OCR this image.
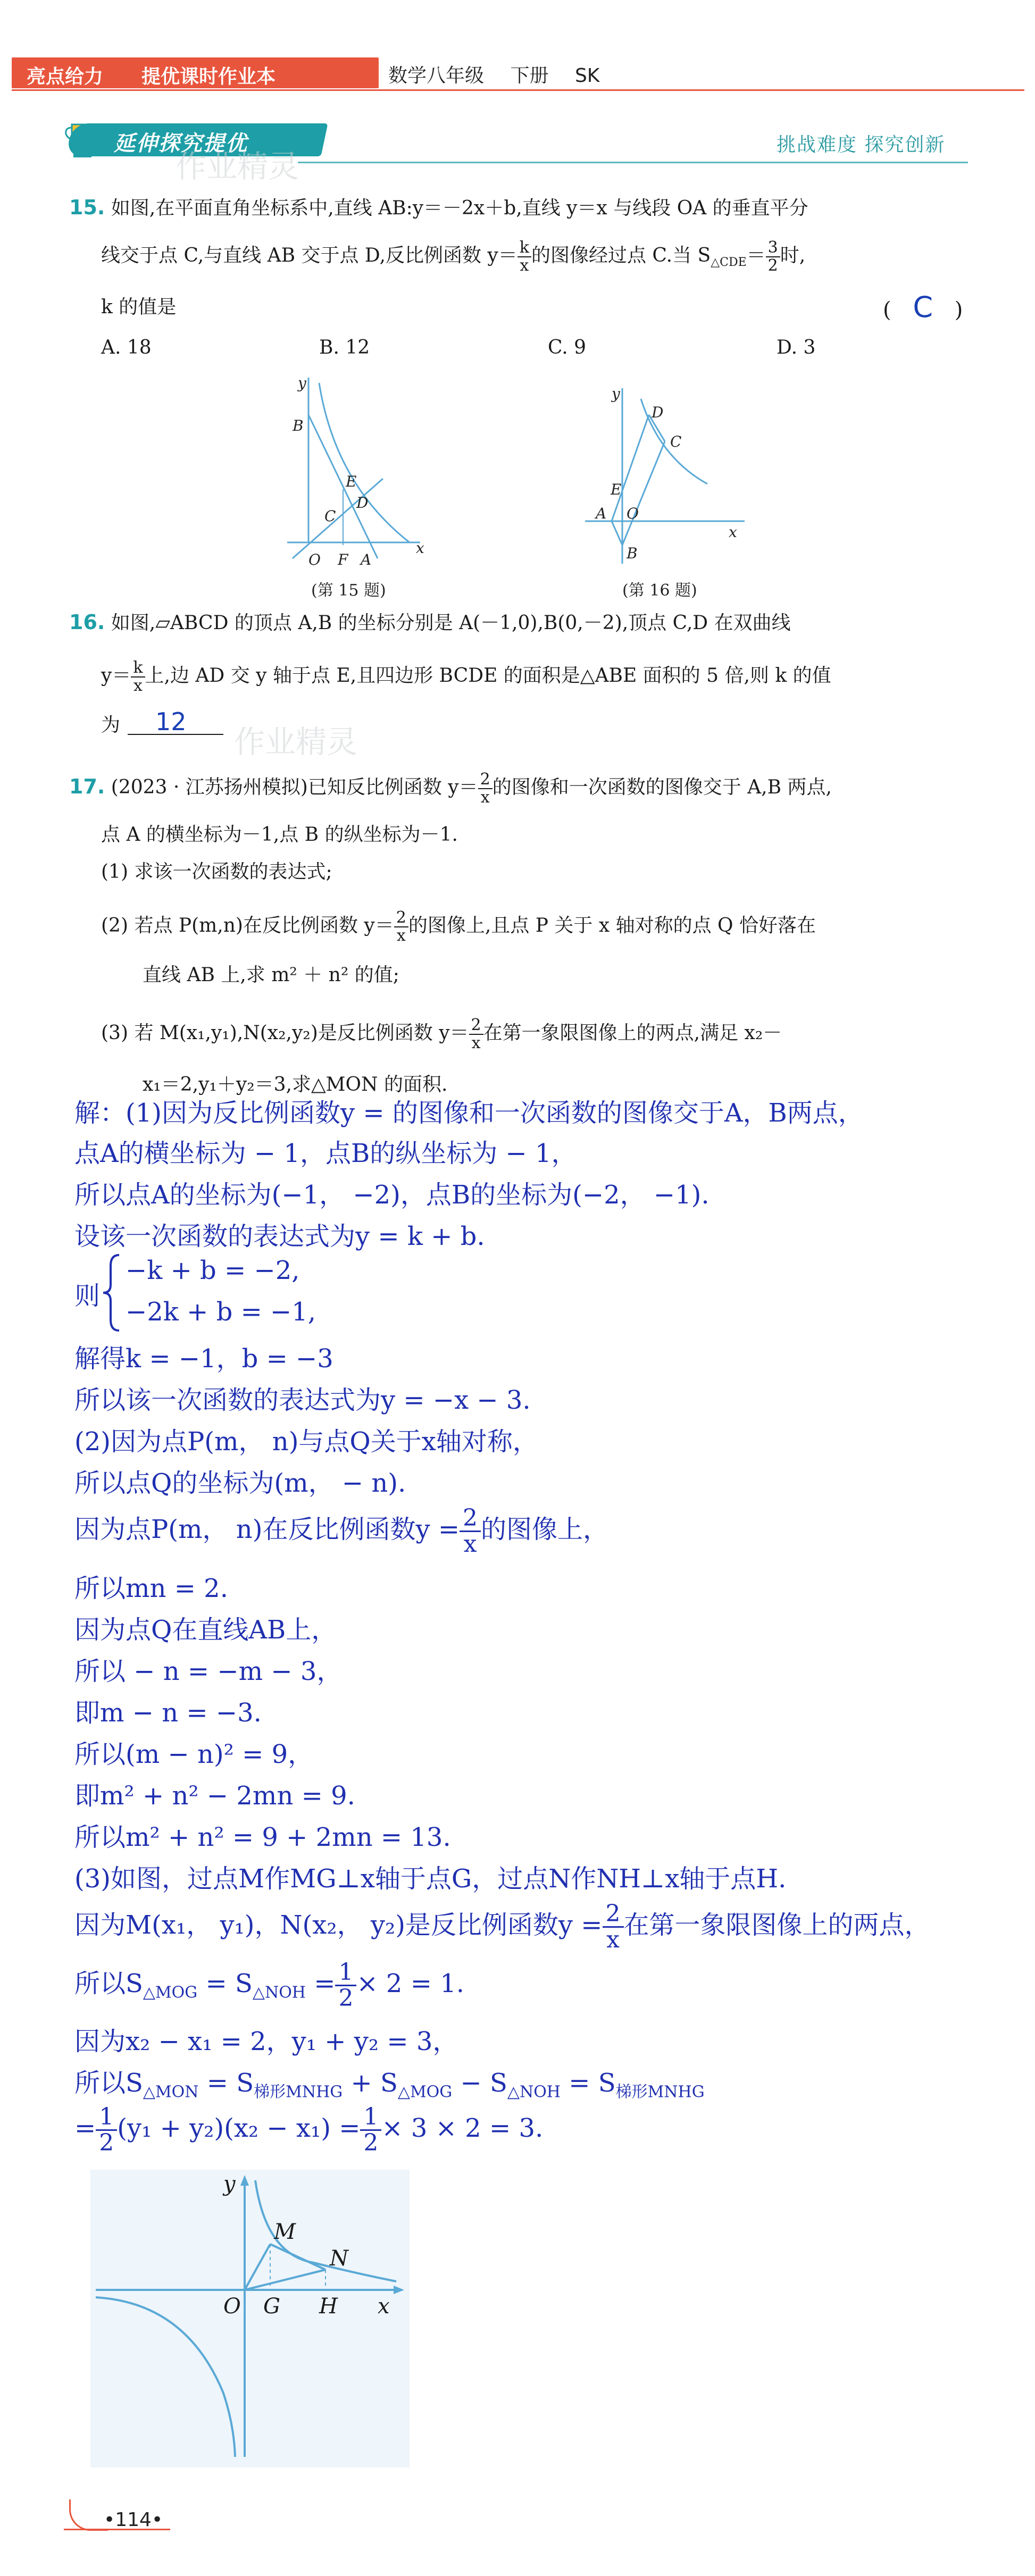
亮点给力 提优课时作业本	数学八年级 下册 SK
延伸探究提优	挑战难度 探究创新
作业精灵
15. 如图,在平面直角坐标系中,直线 AB:y＝－2x＋b,直线 y＝x 与线段 OA 的垂直平分
线交于点 C,与直线 AB 交于点 D,反比例函数 $y= \frac{k}{x}$ 的图像经过点 C.当 $S_{\triangle CDE}= \frac{3}{2}$ 时,
k 的值是	( C )
A. 18	B. 12	C. 9	D. 3
y
B
E
D
C
O F A
x
(第 15 题)
y
D
C
E
A O
B
x
(第 16 题)
16. 如图,▱ABCD 的顶点 A,B 的坐标分别是 A(－1,0),B(0,－2),顶点 C,D 在双曲线
$y= \frac{k}{x}$ 上,边 AD 交 y 轴于点 E,且四边形 BCDE 的面积是△ABE 面积的 5 倍,则 k 的值
为 12
作业精灵
17. (2023 · 江苏扬州模拟)已知反比例函数 $y= \frac{2}{x}$ 的图像和一次函数的图像交于 A,B 两点,
点 A 的横坐标为－1,点 B 的纵坐标为－1.
(1) 求该一次函数的表达式;
(2) 若点 P(m,n)在反比例函数 $y= \frac{2}{x}$ 的图像上,且点 P 关于 x 轴对称的点 Q 恰好落在
直线 AB 上,求 m² ＋ n² 的值;
(3) 若 M(x₁,y₁),N(x₂,y₂)是反比例函数 $y= \frac{2}{x}$ 在第一象限图像上的两点,满足 x₂－
x₁＝2,y₁＋y₂＝3,求△MON 的面积.
解：(1)因为反比例函数y = 的图像和一次函数的图像交于A，B两点，
点A的横坐标为 − 1，点B的纵坐标为 − 1，
所以点A的坐标为(−1， −2)，点B的坐标为(−2， −1).
设该一次函数的表达式为y = k + b.
则
−k + b = −2,
−2k + b = −1,
解得k = −1，b = −3
所以该一次函数的表达式为y = −x − 3.
(2)因为点P(m， n)与点Q关于x轴对称，
所以点Q的坐标为(m， − n).
因为点P(m， n)在反比例函数$y = \frac{2}{x}$ 的图像上，
所以mn = 2.
因为点Q在直线AB上，
所以 − n = −m − 3，
即m − n = −3.
所以(m − n)² = 9，
即m² + n² − 2mn = 9.
所以m² + n² = 9 + 2mn = 13.
(3)如图，过点M作MG⊥x轴于点G，过点N作NH⊥x轴于点H.
因为M(x₁， y₁)，N(x₂， y₂)是反比例函数$y = \frac{2}{x}$ 在第一象限图像上的两点，
所以$S_{\triangle MOG} = S_{\triangle NOH} = \frac{1}{2} \times 2 = 1$.
因为x₂ − x₁ = 2，y₁ + y₂ = 3，
所以$S_{\triangle MON} = S_{梯形MNHG} + S_{\triangle MOG} - S_{\triangle NOH} = S_{梯形MNHG}$
= $\frac{1}{2} (y_1 + y_2)(x_2 - x_1) = \frac{1}{2} \times 3 \times 2 = 3$.
y
M
N
O G H x
•114•
